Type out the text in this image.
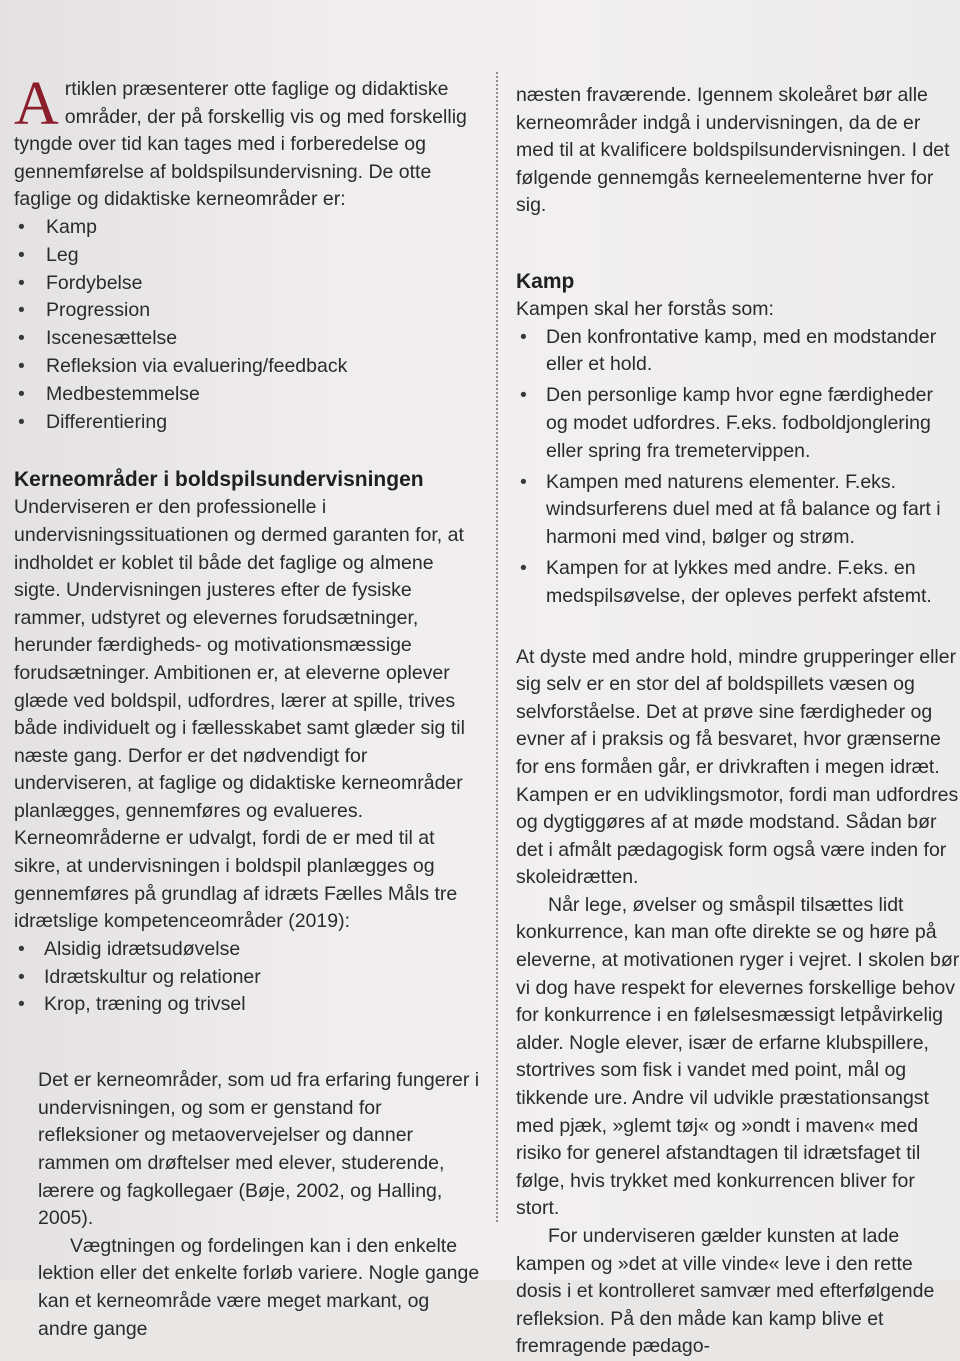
Artiklen præsenterer otte faglige og didaktiske områder, der på forskellig vis og med forskellig tyngde over tid kan tages med i forberedelse og gennemførelse af boldspilsundervisning. De otte faglige og didaktiske kerneområder er:

• Kamp
• Leg
• Fordybelse
• Progression
• Iscenesættelse
• Refleksion via evaluering/feedback
• Medbestemmelse
• Differentiering
Kerneområder i boldspilsundervisningen

Underviseren er den professionelle i undervisningssituationen og dermed garanten for, at indholdet er koblet til både det faglige og almene sigte. Undervisningen justeres efter de fysiske rammer, udstyret og elevernes forudsætninger, herunder færdigheds- og motivationsmæssige forudsætninger. Ambitionen er, at eleverne oplever glæde ved boldspil, udfordres, lærer at spille, trives både individuelt og i fællesskabet samt glæder sig til næste gang. Derfor er det nødvendigt for underviseren, at faglige og didaktiske kerneområder planlægges, gennemføres og evalueres. Kerneområderne er udvalgt, fordi de er med til at sikre, at undervisningen i boldspil planlægges og gennemføres på grundlag af idræts Fælles Måls tre idrætslige kompetenceområder (2019):

• Alsidig idrætsudøvelse
• Idrætskultur og relationer
• Krop, træning og trivsel

Det er kerneområder, som ud fra erfaring fungerer i undervisningen, og som er genstand for refleksioner og metaovervejelser og danner rammen om drøftelser med elever, studerende, lærere og fagkollegaer (Bøje, 2002, og Halling, 2005).

Vægtningen og fordelingen kan i den enkelte lektion eller det enkelte forløb variere. Nogle gange kan et kerneområde være meget markant, og andre gange

næsten fraværende. Igennem skoleåret bør alle kerneområder indgå i undervisningen, da de er med til at kvalificere boldspilsundervisningen. I det følgende gennemgås kerneelementerne hver for sig.

Kamp

Kampen skal her forstås som:

• Den konfrontative kamp, med en modstander eller et hold.
• Den personlige kamp hvor egne færdigheder og modet udfordres. F.eks. fodboldjonglering eller spring fra tremetervippen.
• Kampen med naturens elementer. F.eks. windsurferens duel med at få balance og fart i harmoni med vind, bølger og strøm.
• Kampen for at lykkes med andre. F.eks. en medspilsøvelse, der opleves perfekt afstemt.

At dyste med andre hold, mindre grupperinger eller sig selv er en stor del af boldspillets væsen og selvforståelse. Det at prøve sine færdigheder og evner af i praksis og få besvaret, hvor grænserne for ens formåen går, er drivkraften i megen idræt. Kampen er en udviklingsmotor, fordi man udfordres og dygtiggøres af at møde modstand. Sådan bør det i afmålt pædagogisk form også være inden for skoleidrætten.

Når lege, øvelser og småspil tilsættes lidt konkurrence, kan man ofte direkte se og høre på eleverne, at motivationen ryger i vejret. I skolen bør vi dog have respekt for elevernes forskellige behov for konkurrence i en følelsesmæssigt letpåvirkelig alder. Nogle elever, især de erfarne klubspillere, stortrives som fisk i vandet med point, mål og tikkende ure. Andre vil udvikle præstationsangst med pjæk, »glemt tøj« og »ondt i maven« med risiko for generel afstandtagen til idrætsfaget til følge, hvis trykket med konkurrencen bliver for stort.

For underviseren gælder kunsten at lade kampen og »det at ville vinde« leve i den rette dosis i et kontrolleret samvær med efterfølgende refleksion. På den måde kan kamp blive et fremragende pædago-
